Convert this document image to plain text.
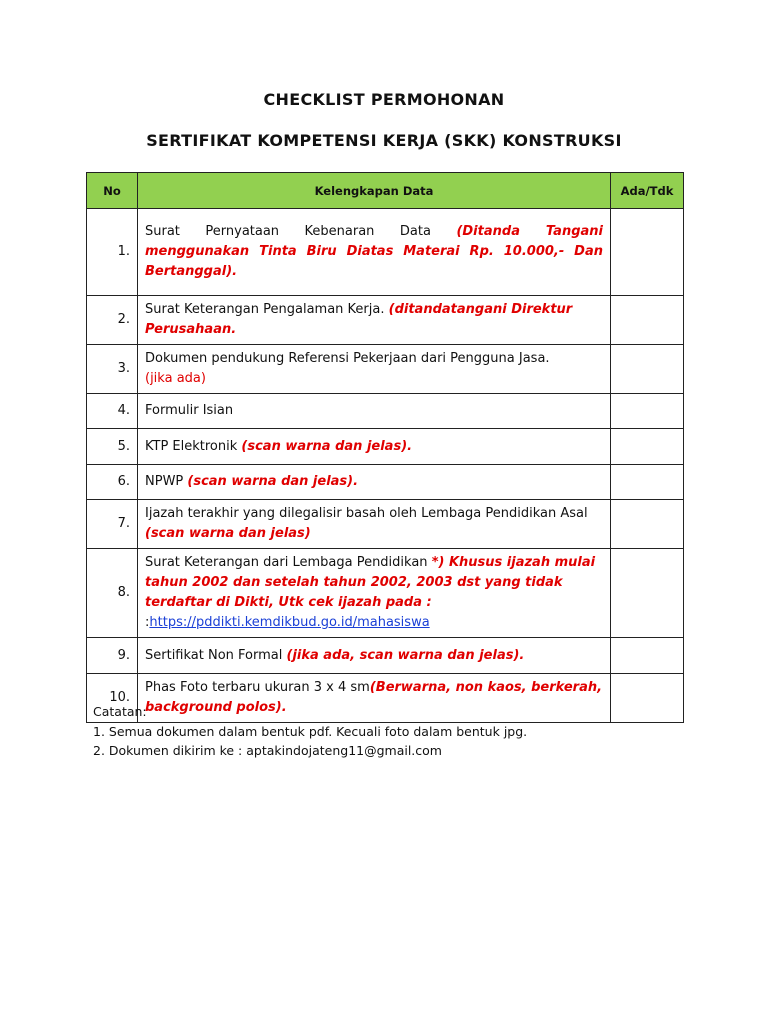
CHECKLIST PERMOHONAN
SERTIFIKAT KOMPETENSI KERJA (SKK) KONSTRUKSI
No	Kelengkapan Data	Ada/Tdk
1.	Surat Pernyataan Kebenaran Data (Ditanda Tangani menggunakan Tinta Biru Diatas Materai Rp. 10.000,- Dan Bertanggal).	
2.	Surat Keterangan Pengalaman Kerja. (ditandatangani Direktur Perusahaan.	
3.	Dokumen pendukung Referensi Pekerjaan dari Pengguna Jasa.
(jika ada)	
4.	Formulir Isian	
5.	KTP Elektronik (scan warna dan jelas).	
6.	NPWP (scan warna dan jelas).	
7.	Ijazah terakhir yang dilegalisir basah oleh Lembaga Pendidikan Asal (scan warna dan jelas)	
8.	Surat Keterangan dari Lembaga Pendidikan *) Khusus ijazah mulai tahun 2002 dan setelah tahun 2002, 2003 dst yang tidak terdaftar di Dikti, Utk cek ijazah pada :
:https://pddikti.kemdikbud.go.id/mahasiswa	
9.	Sertifikat Non Formal (jika ada, scan warna dan jelas).	
10.	Phas Foto terbaru ukuran 3 x 4 sm(Berwarna, non kaos, berkerah, background polos).	
Catatan:
1. Semua dokumen dalam bentuk pdf. Kecuali foto dalam bentuk jpg.
2. Dokumen dikirim ke : aptakindojateng11@gmail.com
